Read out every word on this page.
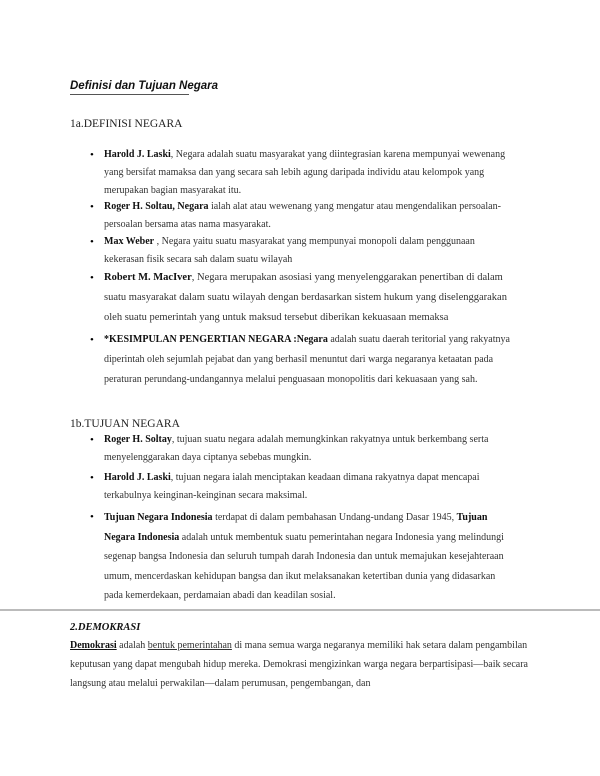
Definisi dan Tujuan Negara
1a.DEFINISI NEGARA
• Harold J. Laski, Negara adalah suatu masyarakat yang diintegrasian karena mempunyai wewenang yang bersifat mamaksa dan yang secara sah lebih agung daripada individu atau kelompok yang merupakan bagian masyarakat itu.
• Roger H. Soltau, Negara ialah alat atau wewenang yang mengatur atau mengendalikan persoalan-persoalan bersama atas nama masyarakat.
• Max Weber , Negara yaitu suatu masyarakat yang mempunyai monopoli dalam penggunaan kekerasan fisik secara sah dalam suatu wilayah
• Robert M. MacIver, Negara merupakan asosiasi yang menyelenggarakan penertiban di dalam suatu masyarakat dalam suatu wilayah dengan berdasarkan sistem hukum yang diselenggarakan oleh suatu pemerintah yang untuk maksud tersebut diberikan kekuasaan memaksa
• *KESIMPULAN PENGERTIAN NEGARA :Negara adalah suatu daerah teritorial yang rakyatnya diperintah oleh sejumlah pejabat dan yang berhasil menuntut dari warga negaranya ketaatan pada peraturan perundang-undangannya melalui penguasaan monopolitis dari kekuasaan yang sah.
1b.TUJUAN NEGARA
• Roger H. Soltay, tujuan suatu negara adalah memungkinkan rakyatnya untuk berkembang serta menyelenggarakan daya ciptanya sebebas mungkin.
• Harold J. Laski, tujuan negara ialah menciptakan keadaan dimana rakyatnya dapat mencapai terkabulnya keinginan-keinginan secara maksimal.
• Tujuan Negara Indonesia terdapat di dalam pembahasan Undang-undang Dasar 1945, Tujuan Negara Indonesia adalah untuk membentuk suatu pemerintahan negara Indonesia yang melindungi segenap bangsa Indonesia dan seluruh tumpah darah Indonesia dan untuk memajukan kesejahteraan umum, mencerdaskan kehidupan bangsa dan ikut melaksanakan ketertiban dunia yang didasarkan pada kemerdekaan, perdamaian abadi dan keadilan sosial.
2.DEMOKRASI
Demokrasi adalah bentuk pemerintahan di mana semua warga negaranya memiliki hak setara dalam pengambilan keputusan yang dapat mengubah hidup mereka. Demokrasi mengizinkan warga negara berpartisipasi—baik secara langsung atau melalui perwakilan—dalam perumusan, pengembangan, dan
